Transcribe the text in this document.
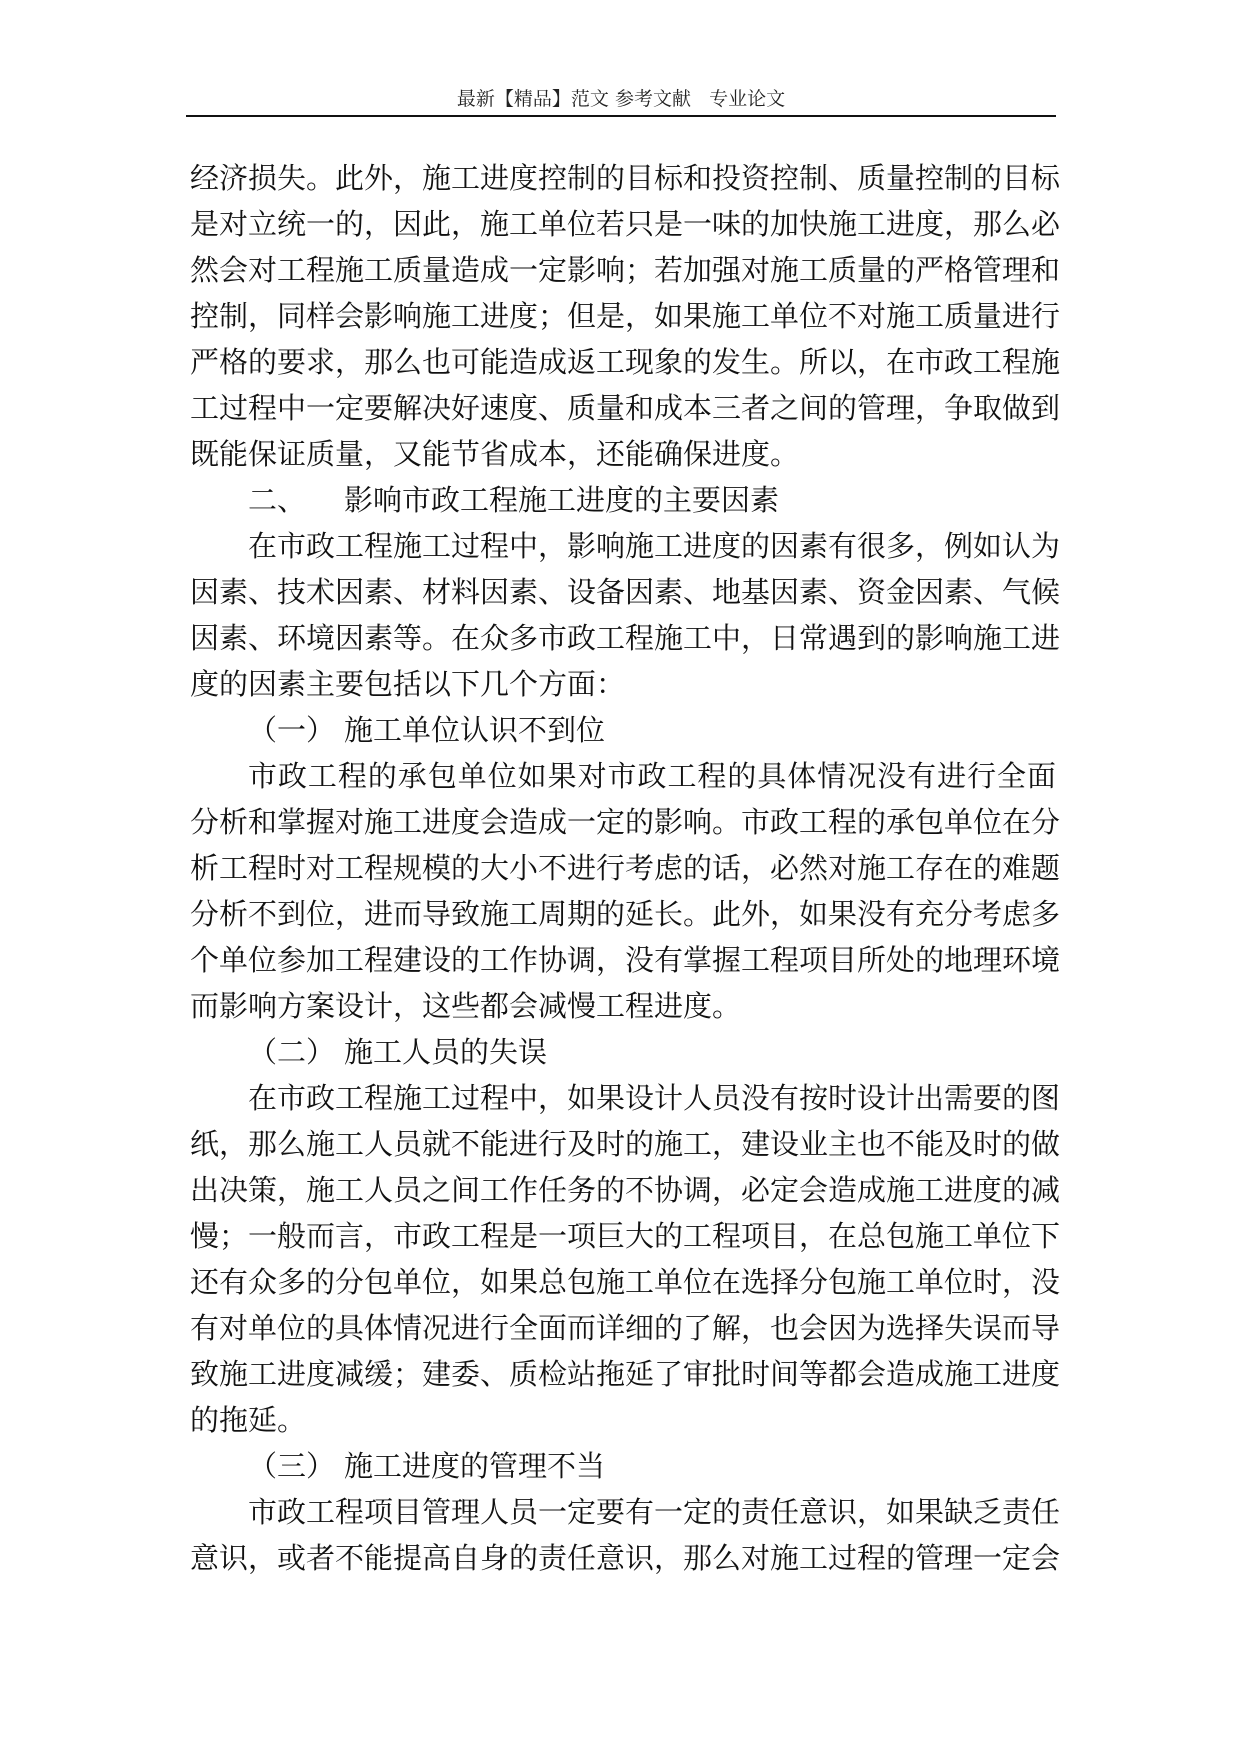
最新【精品】范文 参考文献   专业论文
经济损失。此外，施工进度控制的目标和投资控制、质量控制的目标
是对立统一的，因此，施工单位若只是一味的加快施工进度，那么必
然会对工程施工质量造成一定影响；若加强对施工质量的严格管理和
控制，同样会影响施工进度；但是，如果施工单位不对施工质量进行
严格的要求，那么也可能造成返工现象的发生。所以，在市政工程施
工过程中一定要解决好速度、质量和成本三者之间的管理，争取做到
既能保证质量，又能节省成本，还能确保进度。
二、 影响市政工程施工进度的主要因素
在市政工程施工过程中，影响施工进度的因素有很多，例如认为
因素、技术因素、材料因素、设备因素、地基因素、资金因素、气候
因素、环境因素等。在众多市政工程施工中，日常遇到的影响施工进
度的因素主要包括以下几个方面：
（一） 施工单位认识不到位
市政工程的承包单位如果对市政工程的具体情况没有进行全面
分析和掌握对施工进度会造成一定的影响。市政工程的承包单位在分
析工程时对工程规模的大小不进行考虑的话，必然对施工存在的难题
分析不到位，进而导致施工周期的延长。此外，如果没有充分考虑多
个单位参加工程建设的工作协调，没有掌握工程项目所处的地理环境
而影响方案设计，这些都会减慢工程进度。
（二） 施工人员的失误
在市政工程施工过程中，如果设计人员没有按时设计出需要的图
纸，那么施工人员就不能进行及时的施工，建设业主也不能及时的做
出决策，施工人员之间工作任务的不协调，必定会造成施工进度的减
慢；一般而言，市政工程是一项巨大的工程项目，在总包施工单位下
还有众多的分包单位，如果总包施工单位在选择分包施工单位时，没
有对单位的具体情况进行全面而详细的了解，也会因为选择失误而导
致施工进度减缓；建委、质检站拖延了审批时间等都会造成施工进度
的拖延。
（三） 施工进度的管理不当
市政工程项目管理人员一定要有一定的责任意识，如果缺乏责任
意识，或者不能提高自身的责任意识，那么对施工过程的管理一定会
